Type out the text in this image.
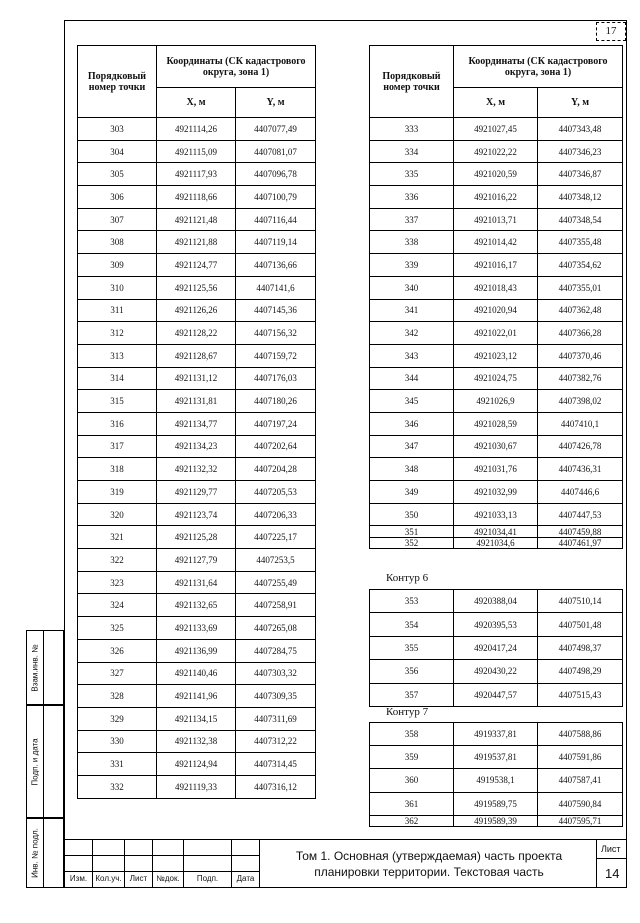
17
Порядковый номер точки	Координаты (СК кадастрового округа, зона 1)	
	X, м	Y, м
303	4921114,26	4407077,49
304	4921115,09	4407081,07
305	4921117,93	4407096,78
306	4921118,66	4407100,79
307	4921121,48	4407116,44
308	4921121,88	4407119,14
309	4921124,77	4407136,66
310	4921125,56	4407141,6
311	4921126,26	4407145,36
312	4921128,22	4407156,32
313	4921128,67	4407159,72
314	4921131,12	4407176,03
315	4921131,81	4407180,26
316	4921134,77	4407197,24
317	4921134,23	4407202,64
318	4921132,32	4407204,28
319	4921129,77	4407205,53
320	4921123,74	4407206,33
321	4921125,28	4407225,17
322	4921127,79	4407253,5
323	4921131,64	4407255,49
324	4921132,65	4407258,91
325	4921133,69	4407265,08
326	4921136,99	4407284,75
327	4921140,46	4407303,32
328	4921141,96	4407309,35
329	4921134,15	4407311,69
330	4921132,38	4407312,22
331	4921124,94	4407314,45
332	4921119,33	4407316,12
Порядковый номер точки	Координаты (СК кадастрового округа, зона 1)	
	X, м	Y, м
333	4921027,45	4407343,48
334	4921022,22	4407346,23
335	4921020,59	4407346,87
336	4921016,22	4407348,12
337	4921013,71	4407348,54
338	4921014,42	4407355,48
339	4921016,17	4407354,62
340	4921018,43	4407355,01
341	4921020,94	4407362,48
342	4921022,01	4407366,28
343	4921023,12	4407370,46
344	4921024,75	4407382,76
345	4921026,9	4407398,02
346	4921028,59	4407410,1
347	4921030,67	4407426,78
348	4921031,76	4407436,31
349	4921032,99	4407446,6
350	4921033,13	4407447,53
351	4921034,41	4407459,88
352	4921034,6	4407461,97
Контур 6
353	4920388,04	4407510,14
354	4920395,53	4407501,48
355	4920417,24	4407498,37
356	4920430,22	4407498,29
357	4920447,57	4407515,43
Контур 7
358	4919337,81	4407588,86
359	4919537,81	4407591,86
360	4919538,1	4407587,41
361	4919589,75	4407590,84
362	4919589,39	4407595,71
Взам.инв. №
Подп. и дата
Инв. № подл.
Изм.	Кол.уч.	Лист	№док.	Подп.	Дата
Том 1. Основная (утверждаемая) часть проекта планировки территории. Текстовая часть
Лист
14
